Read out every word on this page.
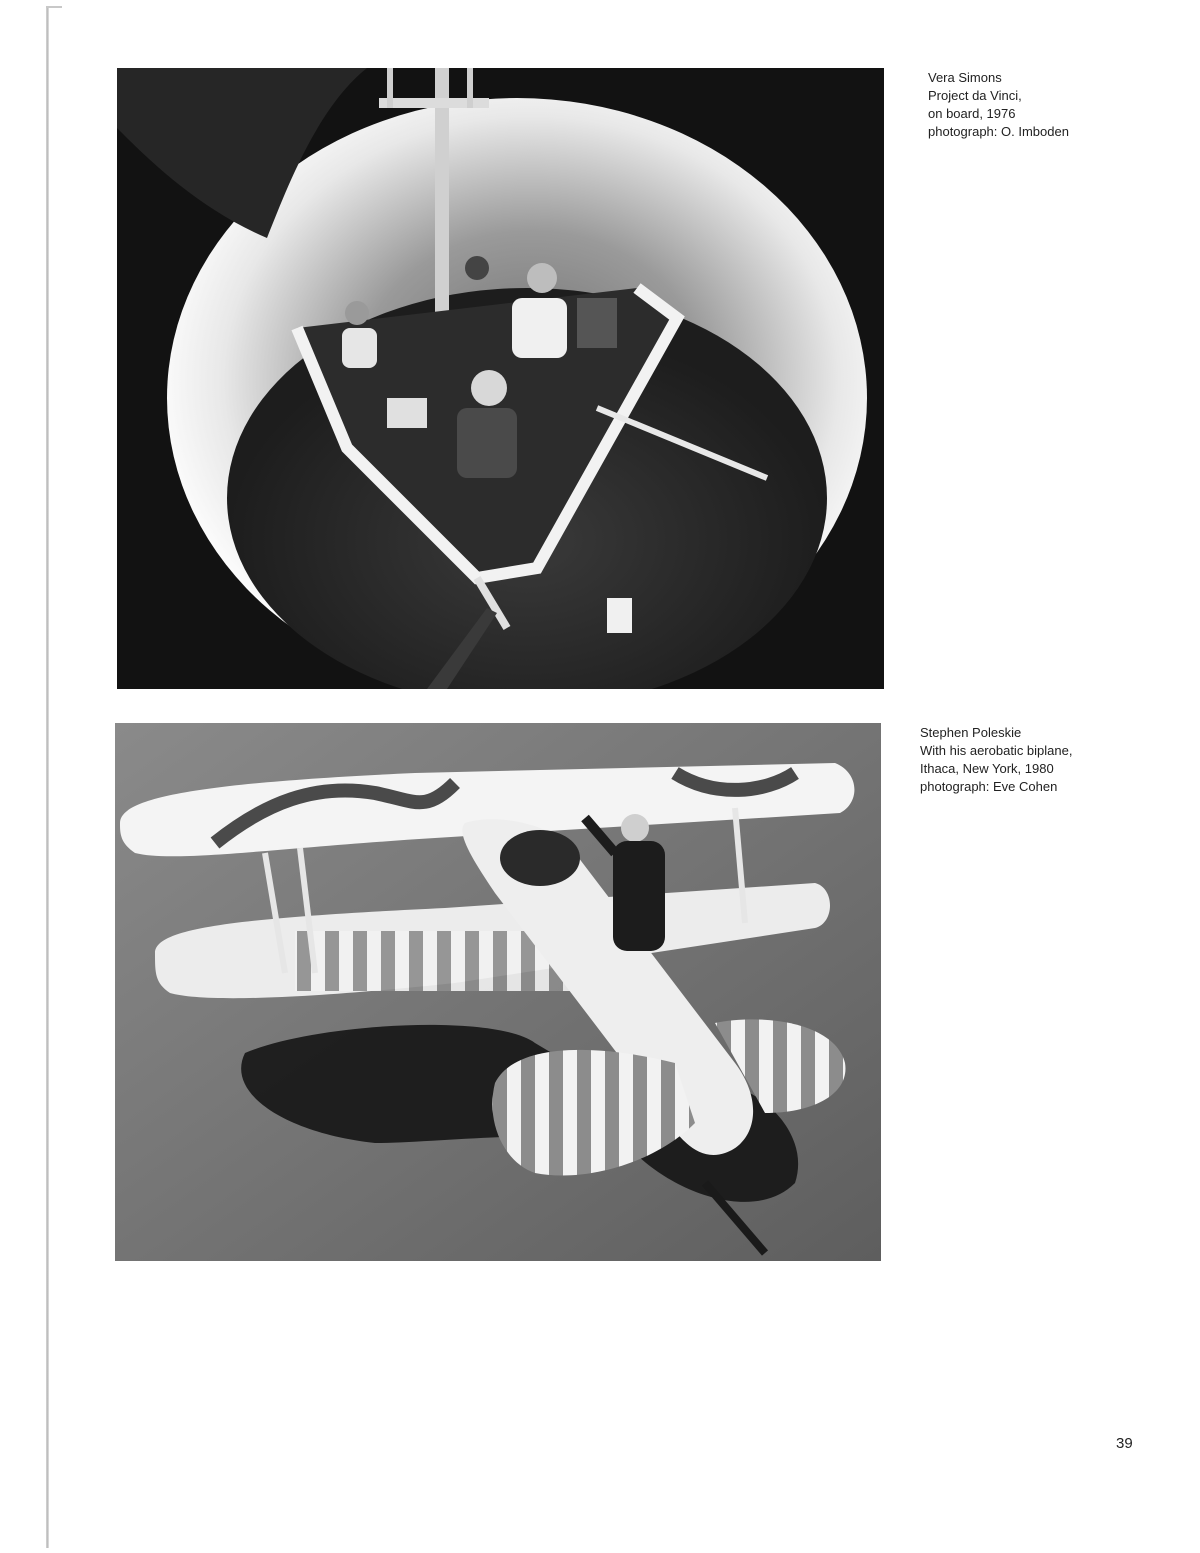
Vera Simons
Project da Vinci,
on board, 1976
photograph: O. Imboden
Stephen Poleskie
With his aerobatic biplane,
Ithaca, New York, 1980
photograph: Eve Cohen
39
